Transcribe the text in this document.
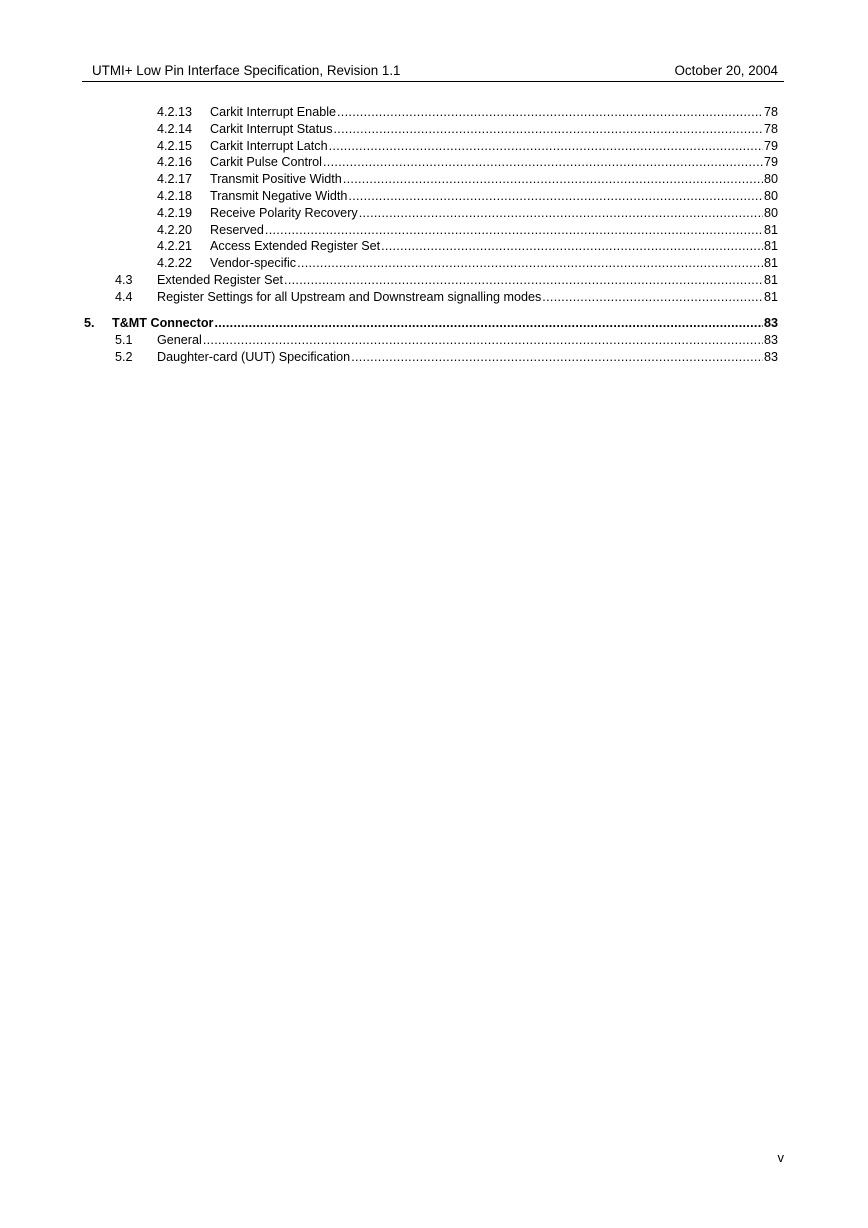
UTMI+ Low Pin Interface Specification, Revision 1.1	October 20, 2004
4.2.13	Carkit Interrupt Enable .....	78
4.2.14	Carkit Interrupt Status .....	78
4.2.15	Carkit Interrupt Latch .....	79
4.2.16	Carkit Pulse Control .....	79
4.2.17	Transmit Positive Width .....	80
4.2.18	Transmit Negative Width .....	80
4.2.19	Receive Polarity Recovery .....	80
4.2.20	Reserved .....	81
4.2.21	Access Extended Register Set .....	81
4.2.22	Vendor-specific .....	81
4.3	Extended Register Set .....	81
4.4	Register Settings for all Upstream and Downstream signalling modes .....	81
5.	T&MT Connector .....	83
5.1	General .....	83
5.2	Daughter-card (UUT) Specification .....	83
v
